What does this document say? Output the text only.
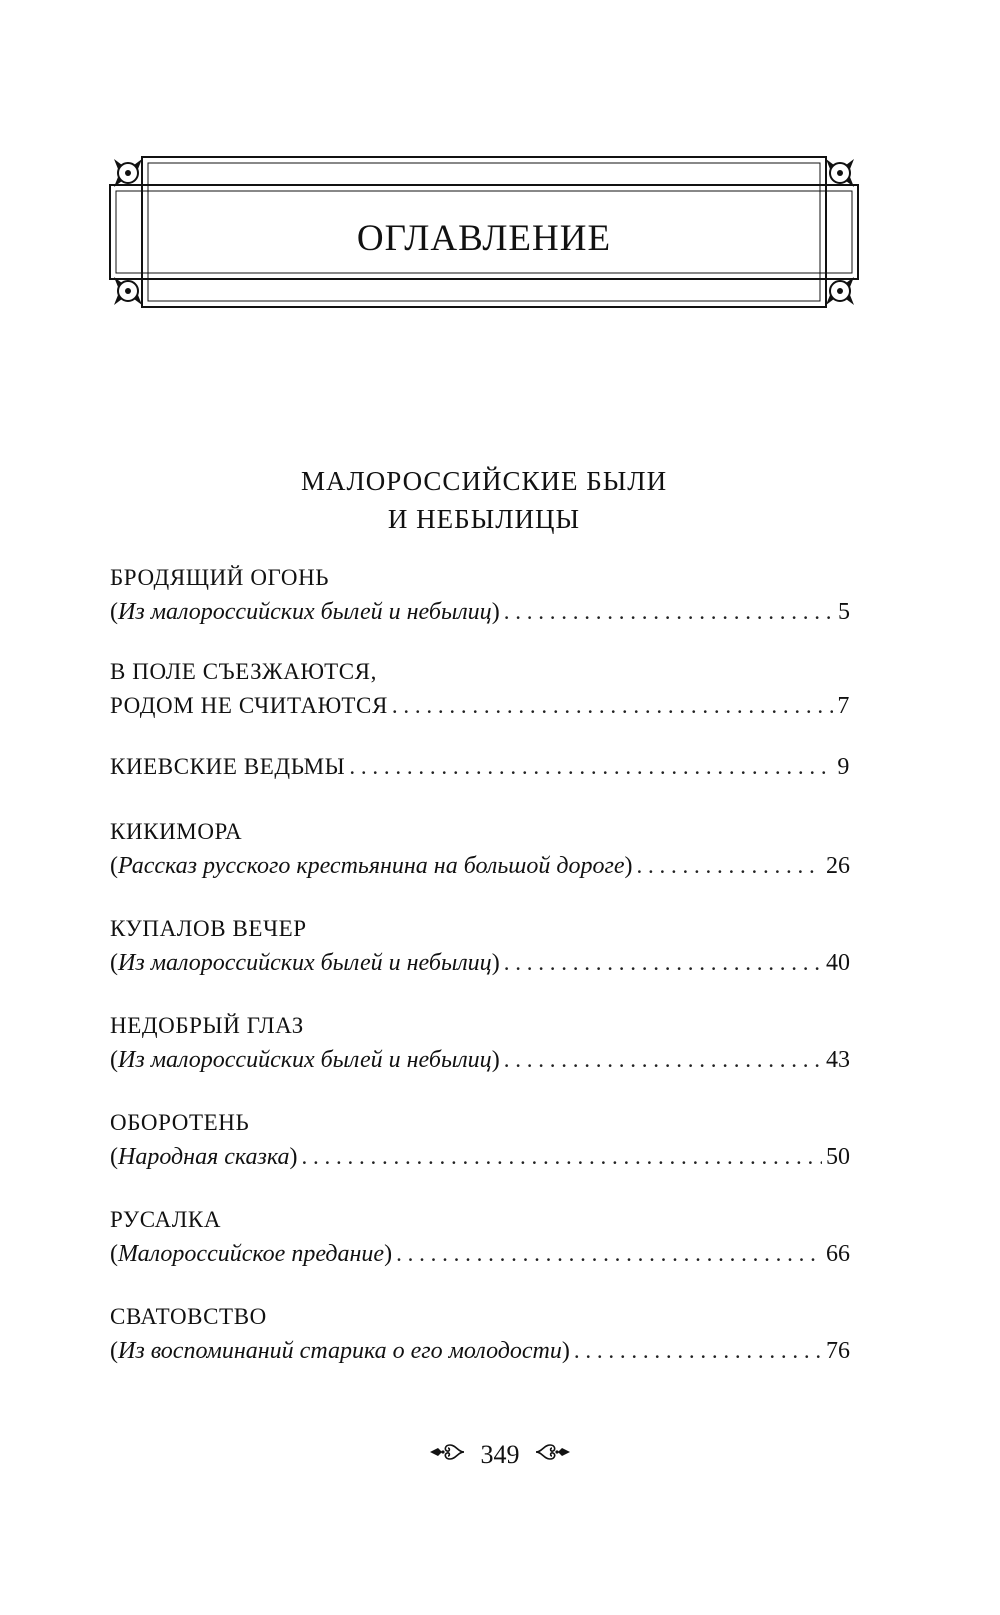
ОГЛАВЛЕНИЕ
МАЛОРОССИЙСКИЕ БЫЛИ
И НЕБЫЛИЦЫ
БРОДЯЩИЙ ОГОНЬ
(Из малороссийских былей и небылиц) . . .	5
В ПОЛЕ СЪЕЗЖАЮТСЯ,
РОДОМ НЕ СЧИТАЮТСЯ . . .	7
КИЕВСКИЕ ВЕДЬМЫ . . .	9
КИКИМОРА
(Рассказ русского крестьянина на большой дороге) . . .	26
КУПАЛОВ ВЕЧЕР
(Из малороссийских былей и небылиц) . . .	40
НЕДОБРЫЙ ГЛАЗ
(Из малороссийских былей и небылиц) . . .	43
ОБОРОТЕНЬ
(Народная сказка) . . .	50
РУСАЛКА
(Малороссийское предание) . . .	66
СВАТОВСТВО
(Из воспоминаний старика о его молодости) . . .	76
349
